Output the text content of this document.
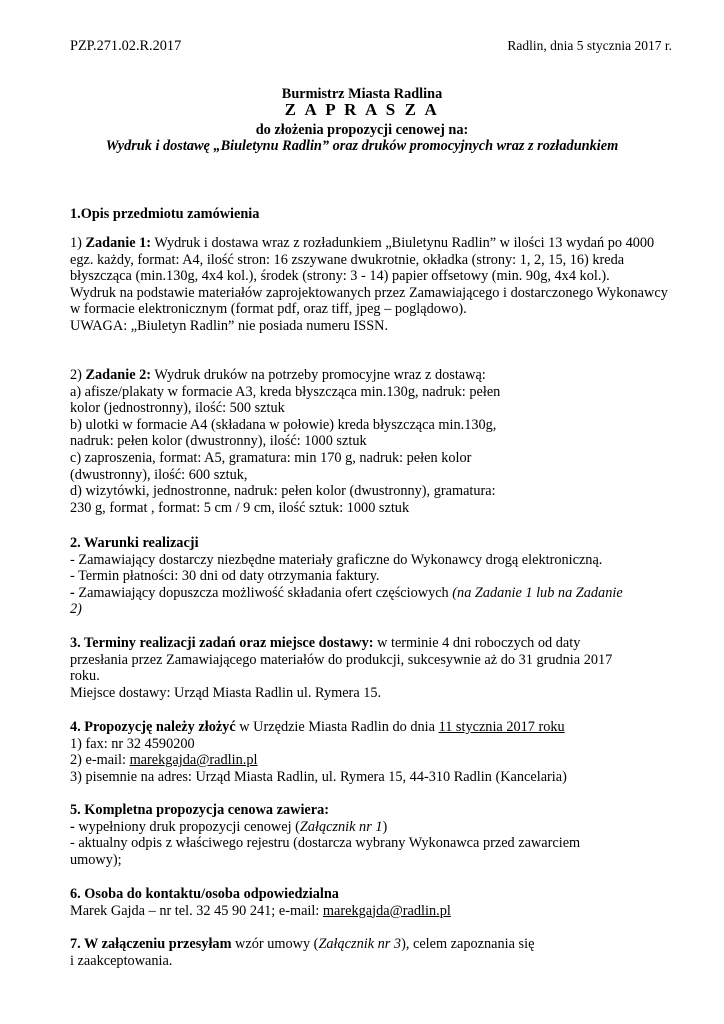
PZP.271.02.R.2017	Radlin, dnia 5 stycznia 2017 r.
Burmistrz Miasta Radlina
Z A P R A S Z A
do złożenia propozycji cenowej na:
Wydruk i dostawę „Biuletynu Radlin” oraz druków promocyjnych wraz z rozładunkiem
1.Opis przedmiotu zamówienia
1) Zadanie 1: Wydruk i dostawa wraz z rozładunkiem „Biuletynu Radlin” w ilości 13 wydań po 4000
egz. każdy, format: A4, ilość stron: 16 zszywane dwukrotnie, okładka (strony: 1, 2, 15, 16) kreda
błyszcząca (min.130g, 4x4 kol.), środek (strony: 3 - 14) papier offsetowy (min. 90g, 4x4 kol.).
Wydruk na podstawie materiałów zaprojektowanych przez Zamawiającego i dostarczonego Wykonawcy
w formacie elektronicznym (format pdf, oraz tiff, jpeg – poglądowo).
UWAGA: „Biuletyn Radlin” nie posiada numeru ISSN.
2) Zadanie 2: Wydruk druków na potrzeby promocyjne wraz z dostawą:
a) afisze/plakaty w formacie A3, kreda błyszcząca min.130g, nadruk: pełen
kolor (jednostronny), ilość: 500 sztuk
b) ulotki w formacie A4 (składana w połowie) kreda błyszcząca min.130g,
nadruk: pełen kolor (dwustronny), ilość: 1000 sztuk
c) zaproszenia, format: A5, gramatura: min 170 g, nadruk: pełen kolor
(dwustronny), ilość: 600 sztuk,
d) wizytówki, jednostronne, nadruk: pełen kolor (dwustronny), gramatura:
230 g, format , format: 5 cm / 9 cm, ilość sztuk: 1000 sztuk
2. Warunki realizacji
- Zamawiający dostarczy niezbędne materiały graficzne do Wykonawcy drogą elektroniczną.
- Termin płatności: 30 dni od daty otrzymania faktury.
- Zamawiający dopuszcza możliwość składania ofert częściowych (na Zadanie 1 lub na Zadanie
2)
3. Terminy realizacji zadań oraz miejsce dostawy: w terminie 4 dni roboczych od daty
przesłania przez Zamawiającego materiałów do produkcji, sukcesywnie aż do 31 grudnia 2017
roku.
Miejsce dostawy: Urząd Miasta Radlin ul. Rymera 15.
4. Propozycję należy złożyć w Urzędzie Miasta Radlin do dnia 11 stycznia 2017 roku
1) fax: nr 32 4590200
2) e-mail: marekgajda@radlin.pl
3) pisemnie na adres: Urząd Miasta Radlin, ul. Rymera 15, 44-310 Radlin (Kancelaria)
5. Kompletna propozycja cenowa zawiera:
- wypełniony druk propozycji cenowej (Załącznik nr 1)
- aktualny odpis z właściwego rejestru (dostarcza wybrany Wykonawca przed zawarciem
umowy);
6. Osoba do kontaktu/osoba odpowiedzialna
Marek Gajda – nr tel. 32 45 90 241; e-mail: marekgajda@radlin.pl
7. W załączeniu przesyłam wzór umowy (Załącznik nr 3), celem zapoznania się
i zaakceptowania.
